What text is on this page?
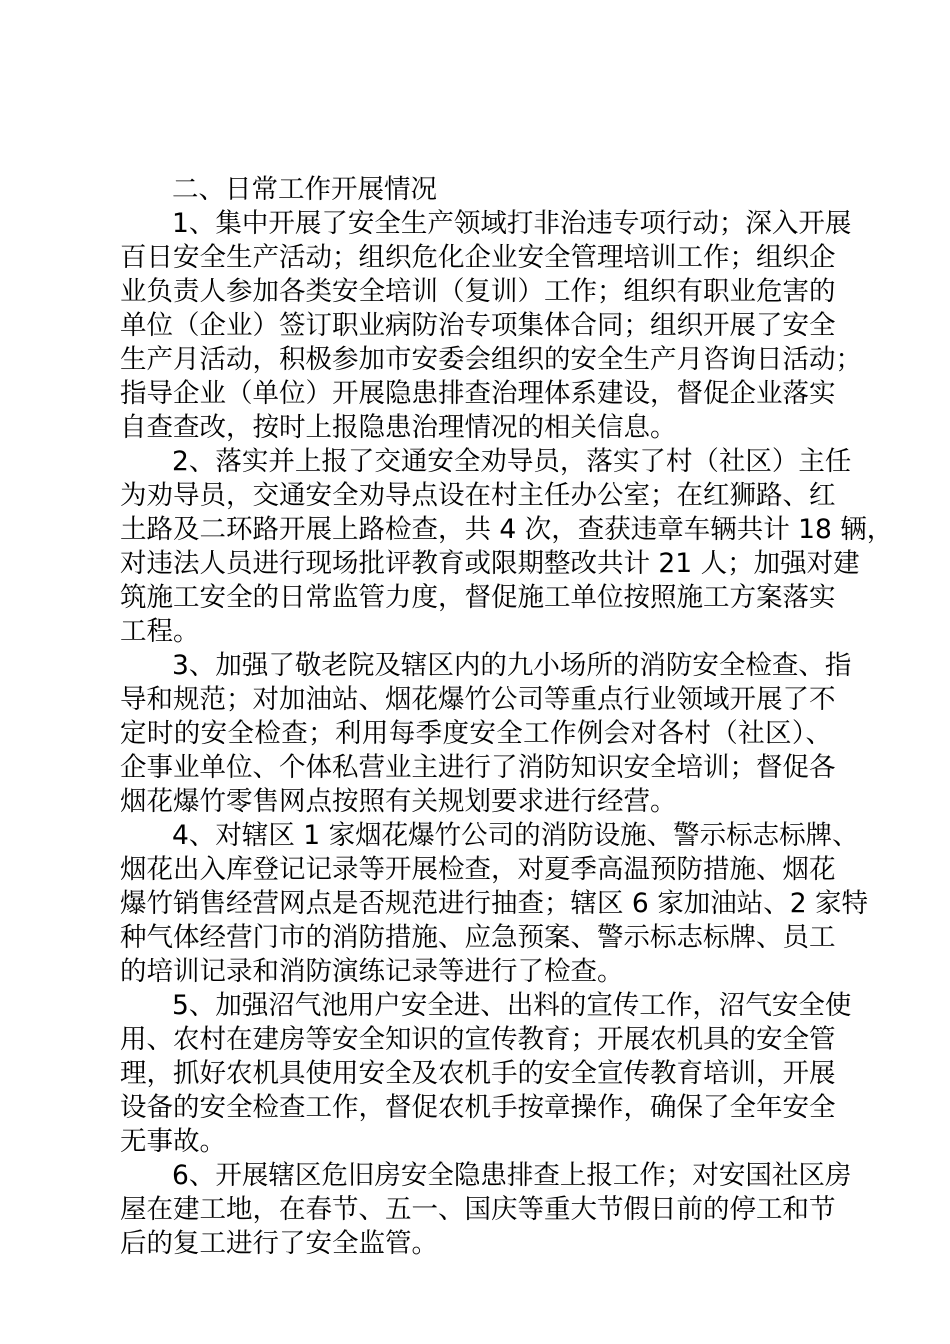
二、日常工作开展情况
1、集中开展了安全生产领域打非治违专项行动；深入开展
百日安全生产活动；组织危化企业安全管理培训工作；组织企
业负责人参加各类安全培训（复训）工作；组织有职业危害的
单位（企业）签订职业病防治专项集体合同；组织开展了安全
生产月活动，积极参加市安委会组织的安全生产月咨询日活动；
指导企业（单位）开展隐患排查治理体系建设，督促企业落实
自查查改，按时上报隐患治理情况的相关信息。
2、落实并上报了交通安全劝导员，落实了村（社区）主任
为劝导员，交通安全劝导点设在村主任办公室；在红狮路、红
土路及二环路开展上路检查，共 4 次，查获违章车辆共计 18 辆，
对违法人员进行现场批评教育或限期整改共计 21 人；加强对建
筑施工安全的日常监管力度，督促施工单位按照施工方案落实
工程。
3、加强了敬老院及辖区内的九小场所的消防安全检查、指
导和规范；对加油站、烟花爆竹公司等重点行业领域开展了不
定时的安全检查；利用每季度安全工作例会对各村（社区）、
企事业单位、个体私营业主进行了消防知识安全培训；督促各
烟花爆竹零售网点按照有关规划要求进行经营。
4、对辖区 1 家烟花爆竹公司的消防设施、警示标志标牌、
烟花出入库登记记录等开展检查，对夏季高温预防措施、烟花
爆竹销售经营网点是否规范进行抽查；辖区 6 家加油站、2 家特
种气体经营门市的消防措施、应急预案、警示标志标牌、员工
的培训记录和消防演练记录等进行了检查。
5、加强沼气池用户安全进、出料的宣传工作，沼气安全使
用、农村在建房等安全知识的宣传教育；开展农机具的安全管
理，抓好农机具使用安全及农机手的安全宣传教育培训，开展
设备的安全检查工作，督促农机手按章操作，确保了全年安全
无事故。
6、开展辖区危旧房安全隐患排查上报工作；对安国社区房
屋在建工地，在春节、五一、国庆等重大节假日前的停工和节
后的复工进行了安全监管。
